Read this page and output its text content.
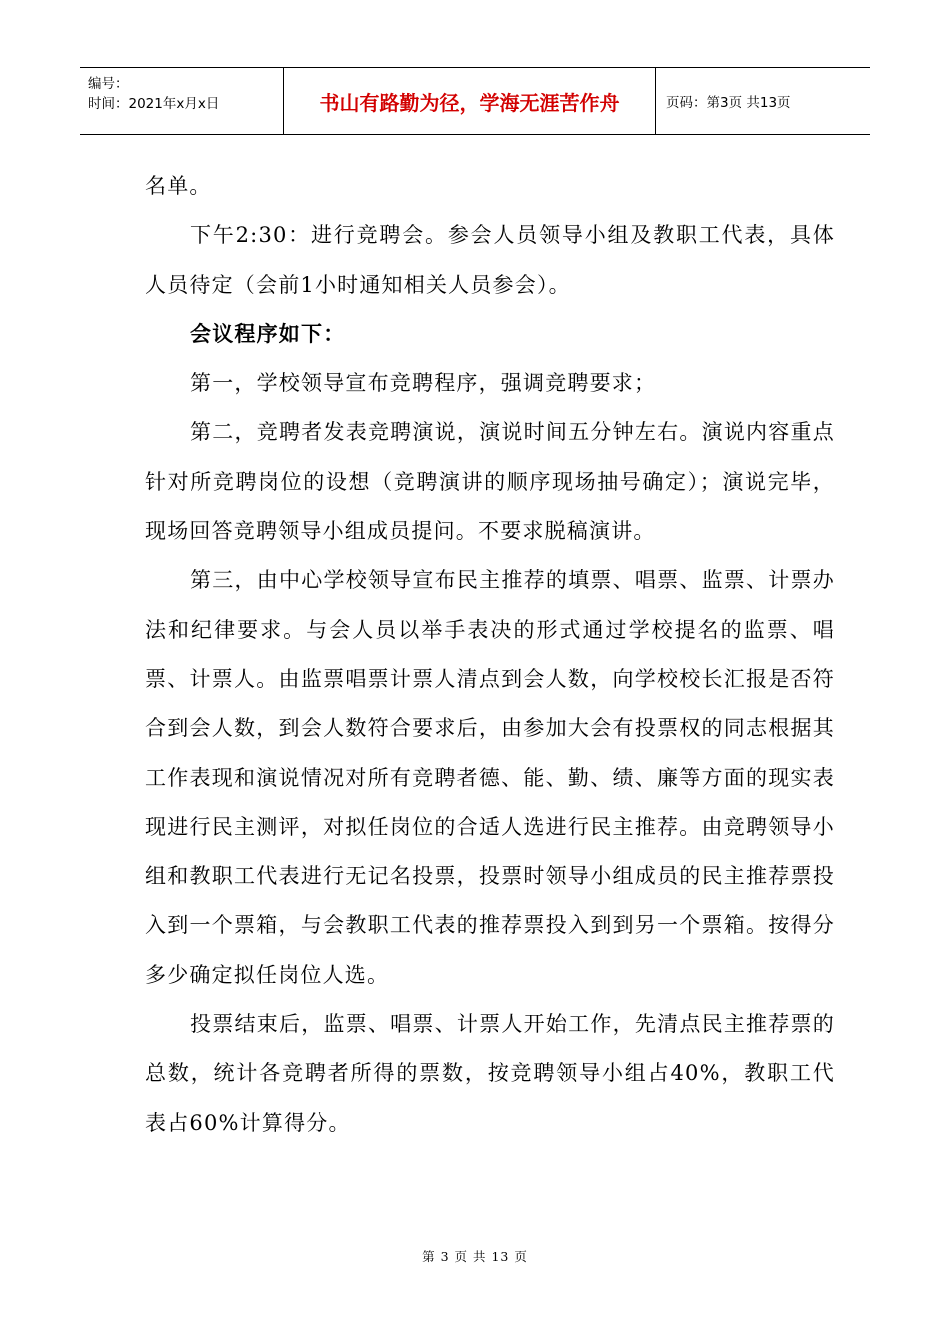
编号：
时间：2021年x月x日	书山有路勤为径，学海无涯苦作舟	页码：第3页 共13页

名单。

下午2:30：进行竞聘会。参会人员领导小组及教职工代表，具体人员待定（会前1小时通知相关人员参会）。

会议程序如下：

第一，学校领导宣布竞聘程序，强调竞聘要求；

第二，竞聘者发表竞聘演说，演说时间五分钟左右。演说内容重点针对所竞聘岗位的设想（竞聘演讲的顺序现场抽号确定）；演说完毕，现场回答竞聘领导小组成员提问。不要求脱稿演讲。

第三，由中心学校领导宣布民主推荐的填票、唱票、监票、计票办法和纪律要求。与会人员以举手表决的形式通过学校提名的监票、唱票、计票人。由监票唱票计票人清点到会人数，向学校校长汇报是否符合到会人数，到会人数符合要求后，由参加大会有投票权的同志根据其工作表现和演说情况对所有竞聘者德、能、勤、绩、廉等方面的现实表现进行民主测评，对拟任岗位的合适人选进行民主推荐。由竞聘领导小组和教职工代表进行无记名投票，投票时领导小组成员的民主推荐票投入到一个票箱，与会教职工代表的推荐票投入到到另一个票箱。按得分多少确定拟任岗位人选。

投票结束后，监票、唱票、计票人开始工作，先清点民主推荐票的总数，统计各竞聘者所得的票数，按竞聘领导小组占40%，教职工代表占60%计算得分。

第 3 页 共 13 页
